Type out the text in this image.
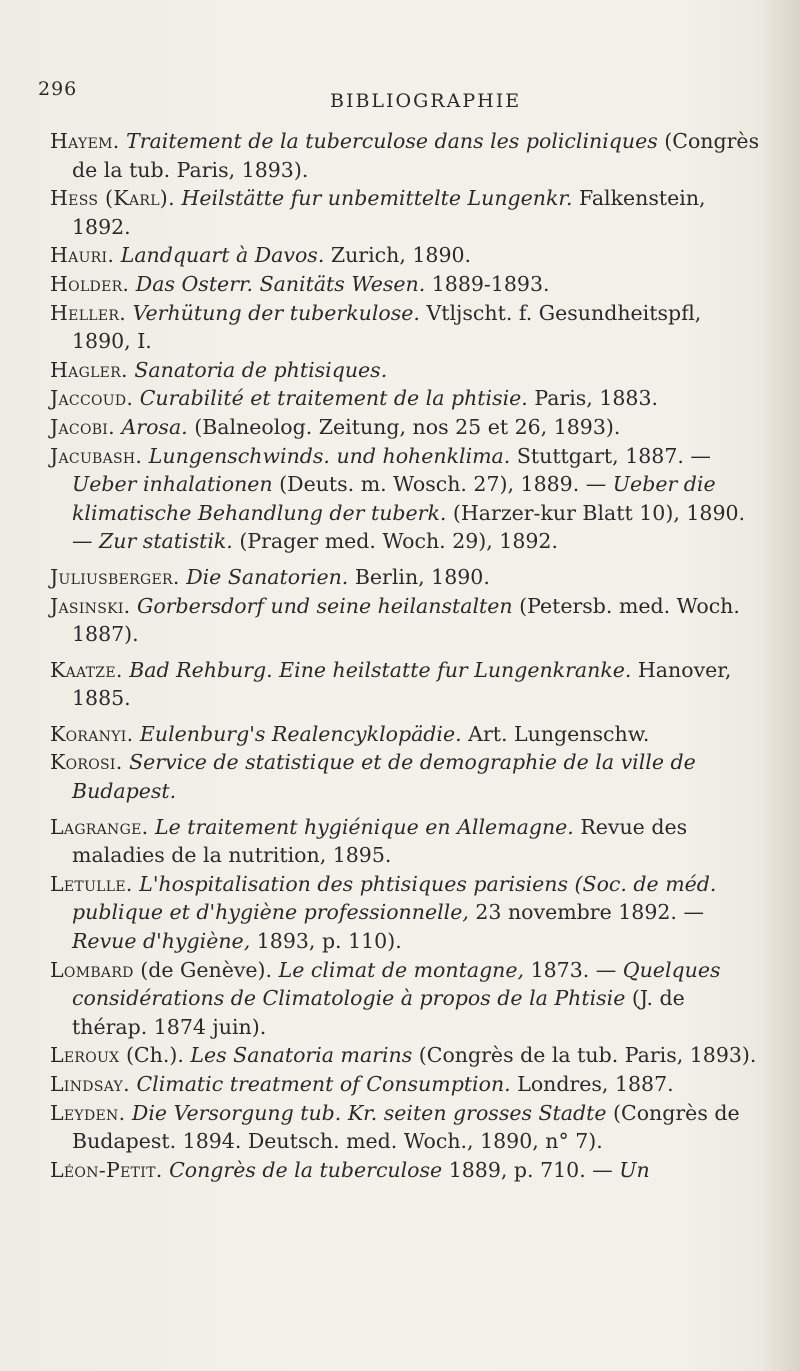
296

BIBLIOGRAPHIE

Hayem. Traitement de la tuberculose dans les policliniques (Congrès de la tub. Paris, 1893).
Hess (Karl). Heilstätte fur unbemittelte Lungenkr. Falkenstein, 1892.
Hauri. Landquart à Davos. Zurich, 1890.
Holder. Das Osterr. Sanitäts Wesen. 1889-1893.
Heller. Verhütung der tuberkulose. Vtljscht. f. Gesundheitspfl, 1890, I.
Hagler. Sanatoria de phtisiques.
Jaccoud. Curabilité et traitement de la phtisie. Paris, 1883.
Jacobi. Arosa. (Balneolog. Zeitung, nos 25 et 26, 1893).
Jacubash. Lungenschwinds. und hohenklima. Stuttgart, 1887. — Ueber inhalationen (Deuts. m. Wosch. 27), 1889. — Ueber die klimatische Behandlung der tuberk. (Harzer-kur Blatt 10), 1890. — Zur statistik. (Prager med. Woch. 29), 1892.
Juliusberger. Die Sanatorien. Berlin, 1890.
Jasinski. Gorbersdorf und seine heilanstalten (Petersb. med. Woch. 1887).
Kaatze. Bad Rehburg. Eine heilstatte fur Lungenkranke. Hanover, 1885.
Koranyi. Eulenburg's Realencyklopädie. Art. Lungenschw.
Korosi. Service de statistique et de demographie de la ville de Budapest.
Lagrange. Le traitement hygiénique en Allemagne. Revue des maladies de la nutrition, 1895.
Letulle. L'hospitalisation des phtisiques parisiens (Soc. de méd. publique et d'hygiène professionnelle, 23 novembre 1892. — Revue d'hygiène, 1893, p. 110).
Lombard (de Genève). Le climat de montagne, 1873. — Quelques considérations de Climatologie à propos de la Phtisie (J. de thérap. 1874 juin).
Leroux (Ch.). Les Sanatoria marins (Congrès de la tub. Paris, 1893).
Lindsay. Climatic treatment of Consumption. Londres, 1887.
Leyden. Die Versorgung tub. Kr. seiten grosses Stadte (Congrès de Budapest. 1894. Deutsch. med. Woch., 1890, n° 7).
Léon-Petit. Congrès de la tuberculose 1889, p. 710. — Un
